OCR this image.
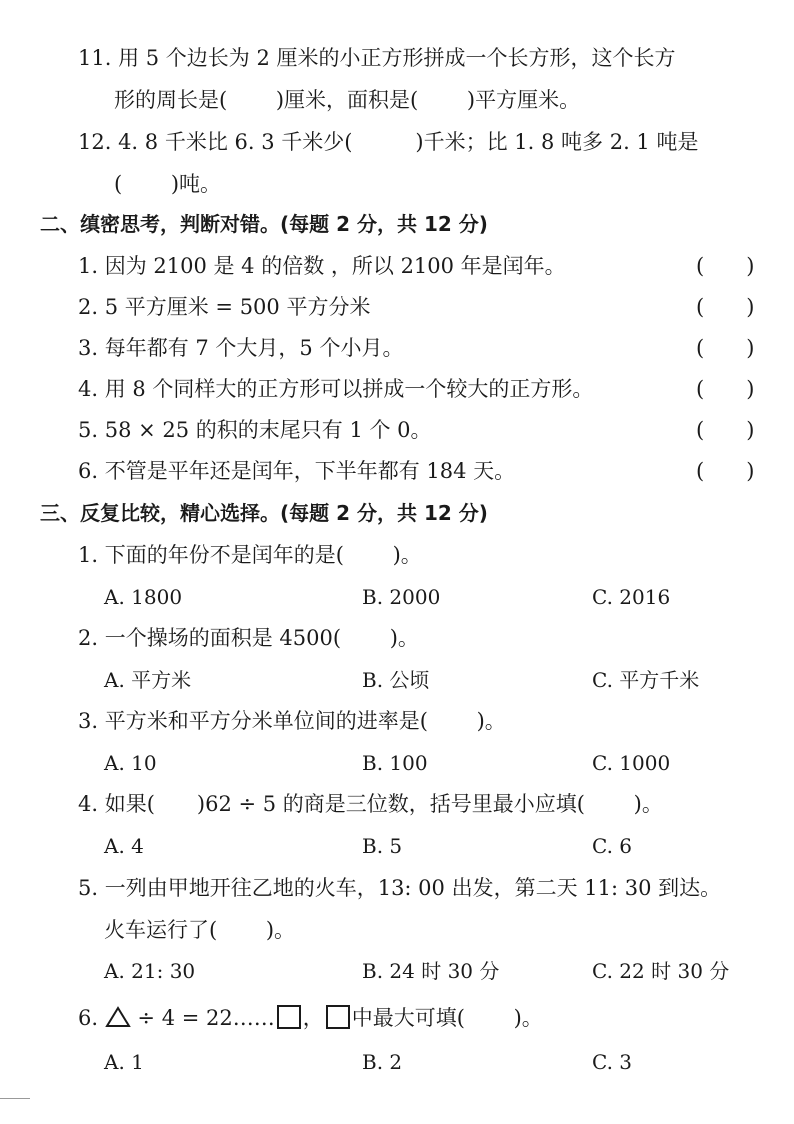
11. 用 5 个边长为 2 厘米的小正方形拼成一个长方形，这个长方
形的周长是(　　 )厘米，面积是(　　 )平方厘米。
12. 4. 8 千米比 6. 3 千米少(　　　)千米；比 1. 8 吨多 2. 1 吨是
(　　 )吨。
二、缜密思考，判断对错。(每题 2 分，共 12 分)
1. 因为 2100 是 4 的倍数 ，所以 2100 年是闰年。	(　　)
2. 5 平方厘米 = 500 平方分米	(　　)
3. 每年都有 7 个大月，5 个小月。	(　　)
4. 用 8 个同样大的正方形可以拼成一个较大的正方形。	(　　)
5. 58 × 25 的积的末尾只有 1 个 0。	(　　)
6. 不管是平年还是闰年，下半年都有 184 天。	(　　)
三、反复比较，精心选择。(每题 2 分，共 12 分)
1. 下面的年份不是闰年的是(　　 )。
A. 1800	B. 2000	C. 2016
2. 一个操场的面积是 4500(　　 )。
A. 平方米	B. 公顷	C. 平方千米
3. 平方米和平方分米单位间的进率是(　　 )。
A. 10	B. 100	C. 1000
4. 如果(　　)62 ÷ 5 的商是三位数，括号里最小应填(　　 )。
A. 4	B. 5	C. 6
5. 一列由甲地开往乙地的火车，13: 00 出发，第二天 11: 30 到达。
火车运行了(　　 )。
A. 21: 30	B. 24 时 30 分	C. 22 时 30 分
6. ÷ 4 = 22…… ， 中最大可填(　　 )。
A. 1	B. 2	C. 3
